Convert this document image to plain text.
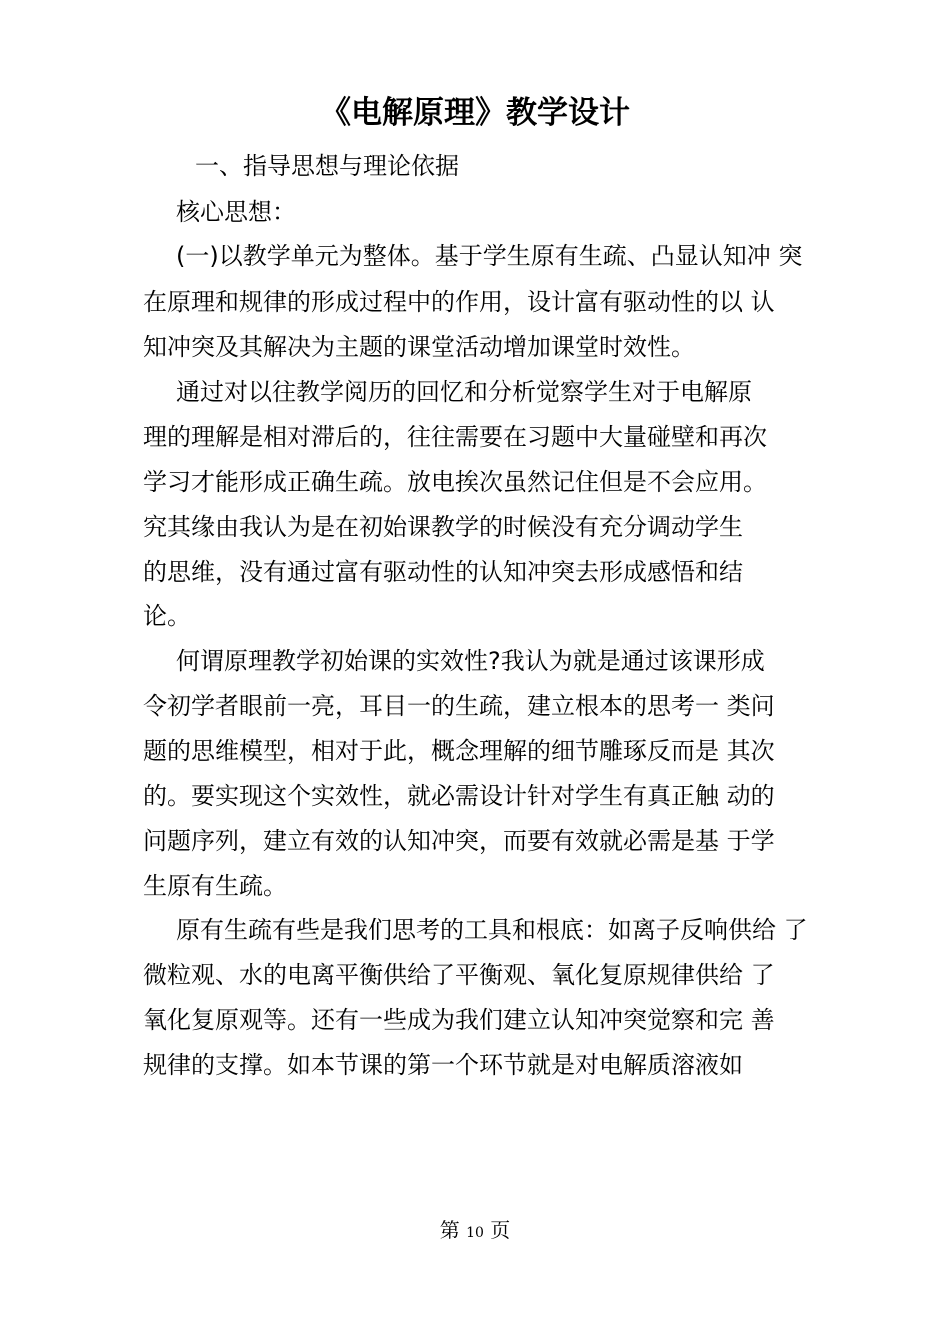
《电解原理》教学设计
一、指导思想与理论依据
核心思想：
(一)以教学单元为整体。基于学生原有生疏、凸显认知冲 突
在原理和规律的形成过程中的作用，设计富有驱动性的以 认
知冲突及其解决为主题的课堂活动增加课堂时效性。
通过对以往教学阅历的回忆和分析觉察学生对于电解原
理的理解是相对滞后的，往往需要在习题中大量碰壁和再次
学习才能形成正确生疏。放电挨次虽然记住但是不会应用。
究其缘由我认为是在初始课教学的时候没有充分调动学生
的思维，没有通过富有驱动性的认知冲突去形成感悟和结
论。
何谓原理教学初始课的实效性?我认为就是通过该课形成
令初学者眼前一亮，耳目一的生疏，建立根本的思考一 类问
题的思维模型，相对于此，概念理解的细节雕琢反而是 其次
的。要实现这个实效性，就必需设计针对学生有真正触 动的
问题序列，建立有效的认知冲突，而要有效就必需是基 于学
生原有生疏。
原有生疏有些是我们思考的工具和根底：如离子反响供给 了
微粒观、水的电离平衡供给了平衡观、氧化复原规律供给 了
氧化复原观等。还有一些成为我们建立认知冲突觉察和完 善
规律的支撑。如本节课的第一个环节就是对电解质溶液如
第 10 页
